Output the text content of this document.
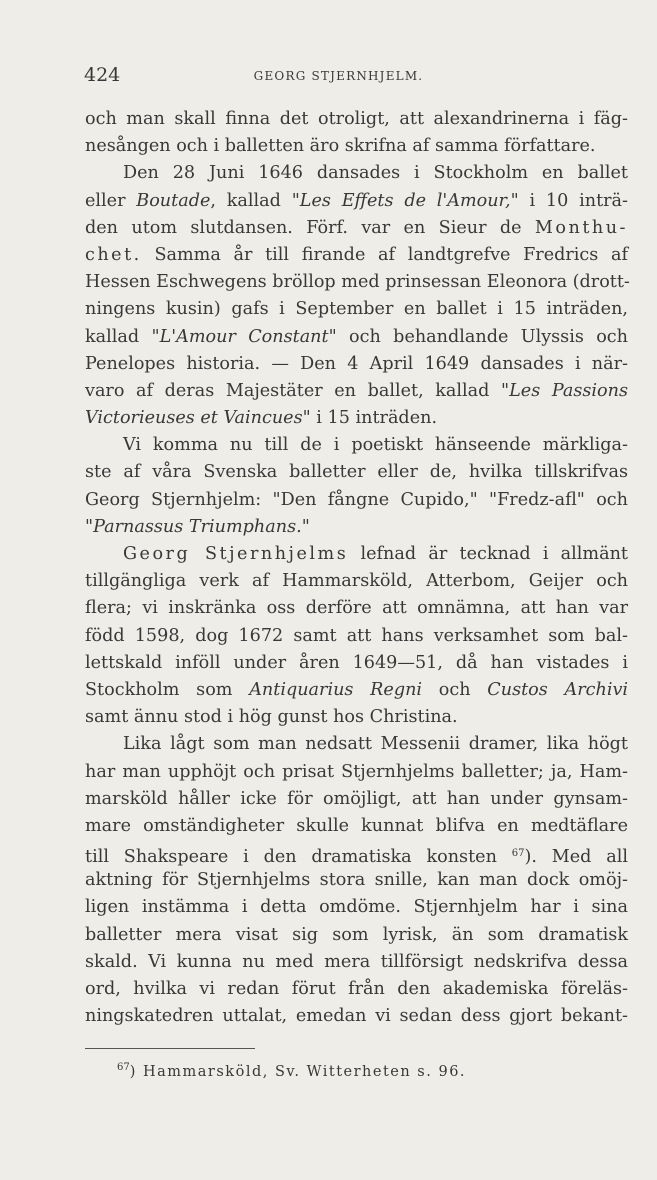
424	GEORG STJERNHJELM.
och man skall finna det otroligt, att alexandrinerna i fäg-
nesången och i balletten äro skrifna af samma författare.
Den 28 Juni 1646 dansades i Stockholm en ballet
eller Boutade, kallad "Les Effets de l'Amour," i 10 inträ-
den utom slutdansen. Förf. var en Sieur de Monthu-
chet. Samma år till firande af landtgrefve Fredrics af
Hessen Eschwegens bröllop med prinsessan Eleonora (drott-
ningens kusin) gafs i September en ballet i 15 inträden,
kallad "L'Amour Constant" och behandlande Ulyssis och
Penelopes historia. — Den 4 April 1649 dansades i när-
varo af deras Majestäter en ballet, kallad "Les Passions
Victorieuses et Vaincues" i 15 inträden.
Vi komma nu till de i poetiskt hänseende märkliga-
ste af våra Svenska balletter eller de, hvilka tillskrifvas
Georg Stjernhjelm: "Den fångne Cupido," "Fredz-afl" och
"Parnassus Triumphans."
Georg Stjernhjelms lefnad är tecknad i allmänt
tillgängliga verk af Hammarsköld, Atterbom, Geijer och
flera; vi inskränka oss derföre att omnämna, att han var
född 1598, dog 1672 samt att hans verksamhet som bal-
lettskald inföll under åren 1649—51, då han vistades i
Stockholm som Antiquarius Regni och Custos Archivi
samt ännu stod i hög gunst hos Christina.
Lika lågt som man nedsatt Messenii dramer, lika högt
har man upphöjt och prisat Stjernhjelms balletter; ja, Ham-
marsköld håller icke för omöjligt, att han under gynsam-
mare omständigheter skulle kunnat blifva en medtäflare
till Shakspeare i den dramatiska konsten $^{67}$). Med all
aktning för Stjernhjelms stora snille, kan man dock omöj-
ligen instämma i detta omdöme. Stjernhjelm har i sina
balletter mera visat sig som lyrisk, än som dramatisk
skald. Vi kunna nu med mera tillförsigt nedskrifva dessa
ord, hvilka vi redan förut från den akademiska föreläs-
ningskatedren uttalat, emedan vi sedan dess gjort bekant-
$^{67}$) Hammarsköld, Sv. Witterheten s. 96.
